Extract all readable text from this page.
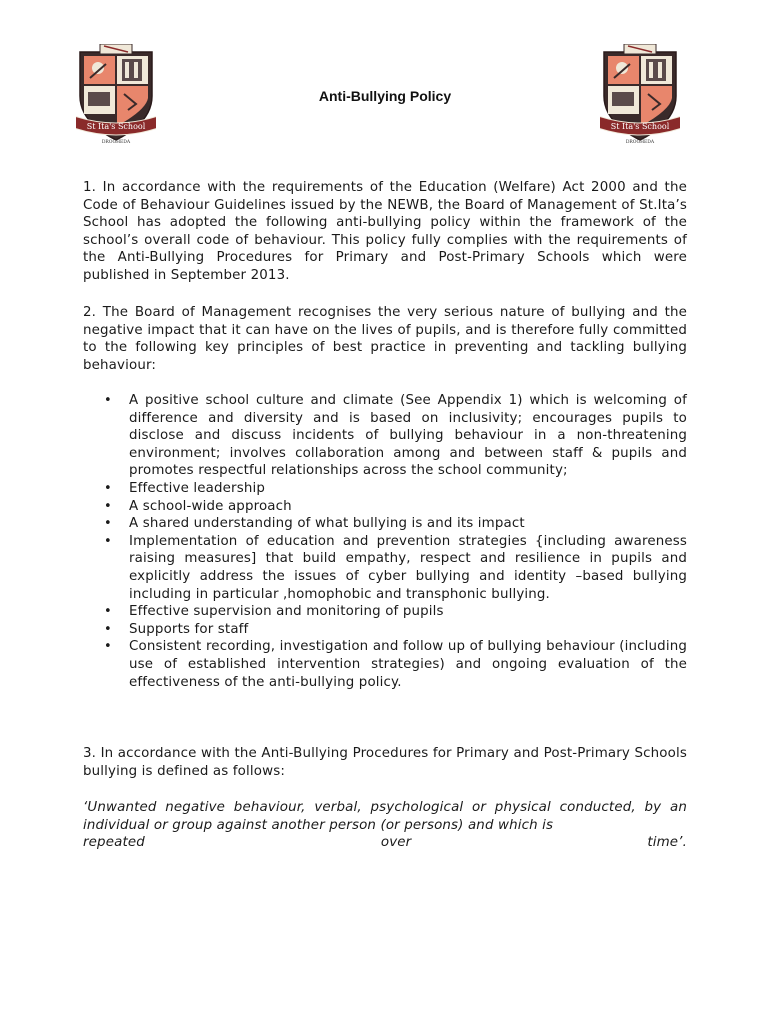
St Ita's School
DROGHEDA
St Ita's School
DROGHEDA
Anti-Bullying Policy

1. In accordance with the requirements of the Education (Welfare) Act 2000 and the Code of Behaviour Guidelines issued by the NEWB, the Board of Management of St.Ita’s School has adopted the following anti-bullying policy within the framework of the school’s overall code of behaviour. This policy fully complies with the requirements of the Anti-Bullying Procedures for Primary and Post-Primary Schools which were published in September 2013.

2. The Board of Management recognises the very serious nature of bullying and the negative impact that it can have on the lives of pupils, and is therefore fully committed to the following key principles of best practice in preventing and tackling bullying behaviour:

• A positive school culture and climate (See Appendix 1) which is welcoming of difference and diversity and is based on inclusivity; encourages pupils to disclose and discuss incidents of bullying behaviour in a non-threatening environment; involves collaboration among and between staff & pupils and promotes respectful relationships across the school community;
• Effective leadership
• A school-wide approach
• A shared understanding of what bullying is and its impact
• Implementation of education and prevention strategies {including awareness raising measures] that build empathy, respect and resilience in pupils and explicitly address the issues of cyber bullying and identity –based bullying including in particular ,homophobic and transphonic bullying.
• Effective supervision and monitoring of pupils
• Supports for staff
• Consistent recording, investigation and follow up of bullying behaviour (including use of established intervention strategies) and ongoing evaluation of the effectiveness of the anti-bullying policy.

3. In accordance with the Anti-Bullying Procedures for Primary and Post-Primary Schools bullying is defined as follows:

‘Unwanted negative behaviour, verbal, psychological or physical conducted, by an individual or group against another person (or persons) and which is
repeated	over	time’.
